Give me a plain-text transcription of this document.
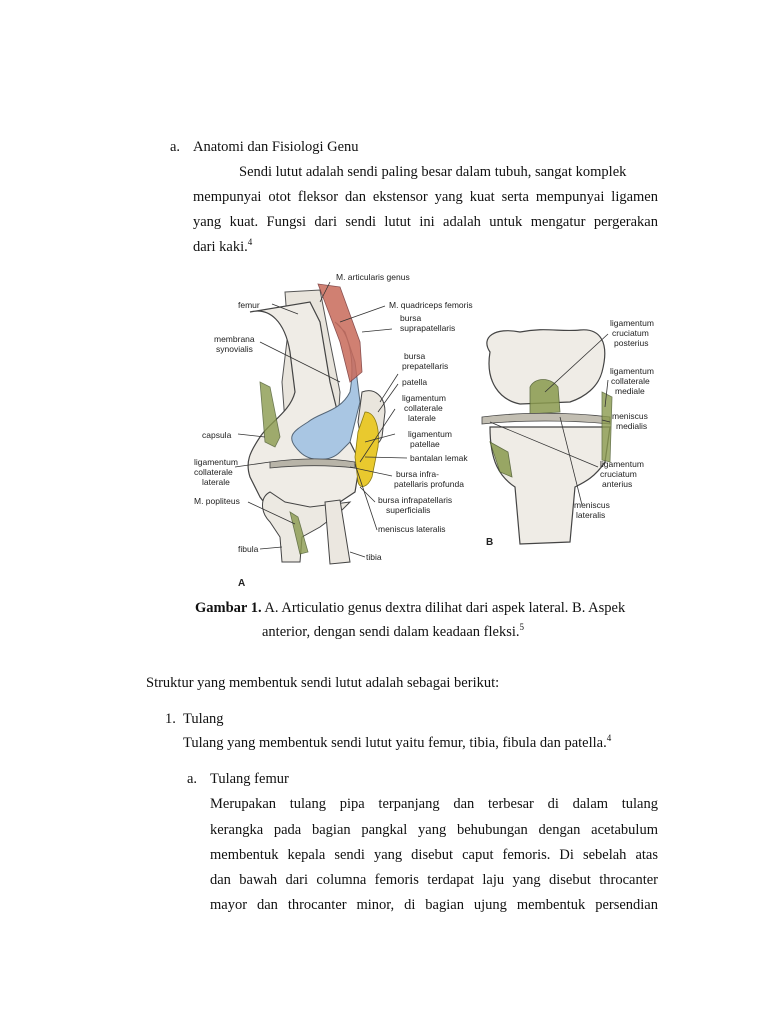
a. Anatomi dan Fisiologi Genu
Sendi lutut adalah sendi paling besar dalam tubuh, sangat komplek
mempunyai otot fleksor dan ekstensor yang kuat serta mempunyai ligamen
yang kuat. Fungsi dari sendi lutut ini adalah untuk mengatur pergerakan
dari kaki.$^4$
M. articularis genus
femur	M. quadriceps femoris
bursa
suprapatellaris
membrana
synovialis
bursa
prepatellaris
patella
ligamentum
collaterale
laterale
capsula	ligamentum
patellae
bantalan lemak
ligamentum
collaterale
laterale
bursa infra-
patellaris profunda
M. popliteus	bursa infrapatellaris
superficialis
meniscus lateralis
fibula
tibia
A
ligamentum
cruciatum
posterius
ligamentum
collaterale
mediale
meniscus
medialis
ligamentum
cruciatum
anterius
meniscus
lateralis
B
Gambar 1. A. Articulatio genus dextra dilihat dari aspek lateral. B. Aspek
anterior, dengan sendi dalam keadaan fleksi.$^5$
Struktur yang membentuk sendi lutut adalah sebagai berikut:
1. Tulang
Tulang yang membentuk sendi lutut yaitu femur, tibia, fibula dan patella.$^4$
a. Tulang femur
Merupakan tulang pipa terpanjang dan terbesar di dalam tulang
kerangka pada bagian pangkal yang behubungan dengan acetabulum
membentuk kepala sendi yang disebut caput femoris. Di sebelah atas
dan bawah dari columna femoris terdapat laju yang disebut throcanter
mayor dan throcanter minor, di bagian ujung membentuk persendian
